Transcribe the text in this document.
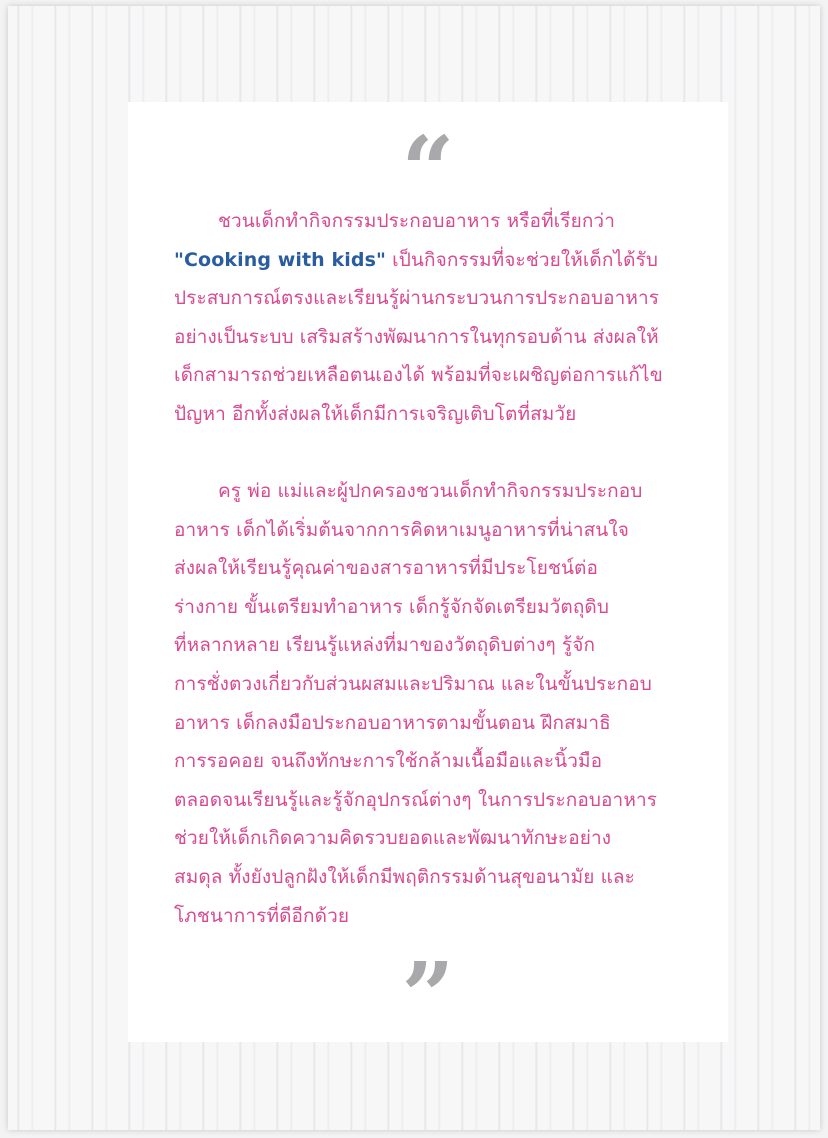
“
ชวนเด็กทำกิจกรรมประกอบอาหาร หรือที่เรียกว่า
"Cooking with kids" เป็นกิจกรรมที่จะช่วยให้เด็กได้รับ
ประสบการณ์ตรงและเรียนรู้ผ่านกระบวนการประกอบอาหาร
อย่างเป็นระบบ เสริมสร้างพัฒนาการในทุกรอบด้าน ส่งผลให้
เด็กสามารถช่วยเหลือตนเองได้ พร้อมที่จะเผชิญต่อการแก้ไข
ปัญหา อีกทั้งส่งผลให้เด็กมีการเจริญเติบโตที่สมวัย
ครู พ่อ แม่และผู้ปกครองชวนเด็กทำกิจกรรมประกอบ
อาหาร เด็กได้เริ่มต้นจากการคิดหาเมนูอาหารที่น่าสนใจ
ส่งผลให้เรียนรู้คุณค่าของสารอาหารที่มีประโยชน์ต่อ
ร่างกาย ขั้นเตรียมทำอาหาร เด็กรู้จักจัดเตรียมวัตถุดิบ
ที่หลากหลาย เรียนรู้แหล่งที่มาของวัตถุดิบต่างๆ รู้จัก
การชั่งตวงเกี่ยวกับส่วนผสมและปริมาณ และในขั้นประกอบ
อาหาร เด็กลงมือประกอบอาหารตามขั้นตอน ฝึกสมาธิ
การรอคอย จนถึงทักษะการใช้กล้ามเนื้อมือและนิ้วมือ
ตลอดจนเรียนรู้และรู้จักอุปกรณ์ต่างๆ ในการประกอบอาหาร
ช่วยให้เด็กเกิดความคิดรวบยอดและพัฒนาทักษะอย่าง
สมดุล ทั้งยังปลูกฝังให้เด็กมีพฤติกรรมด้านสุขอนามัย และ
โภชนาการที่ดีอีกด้วย
”
